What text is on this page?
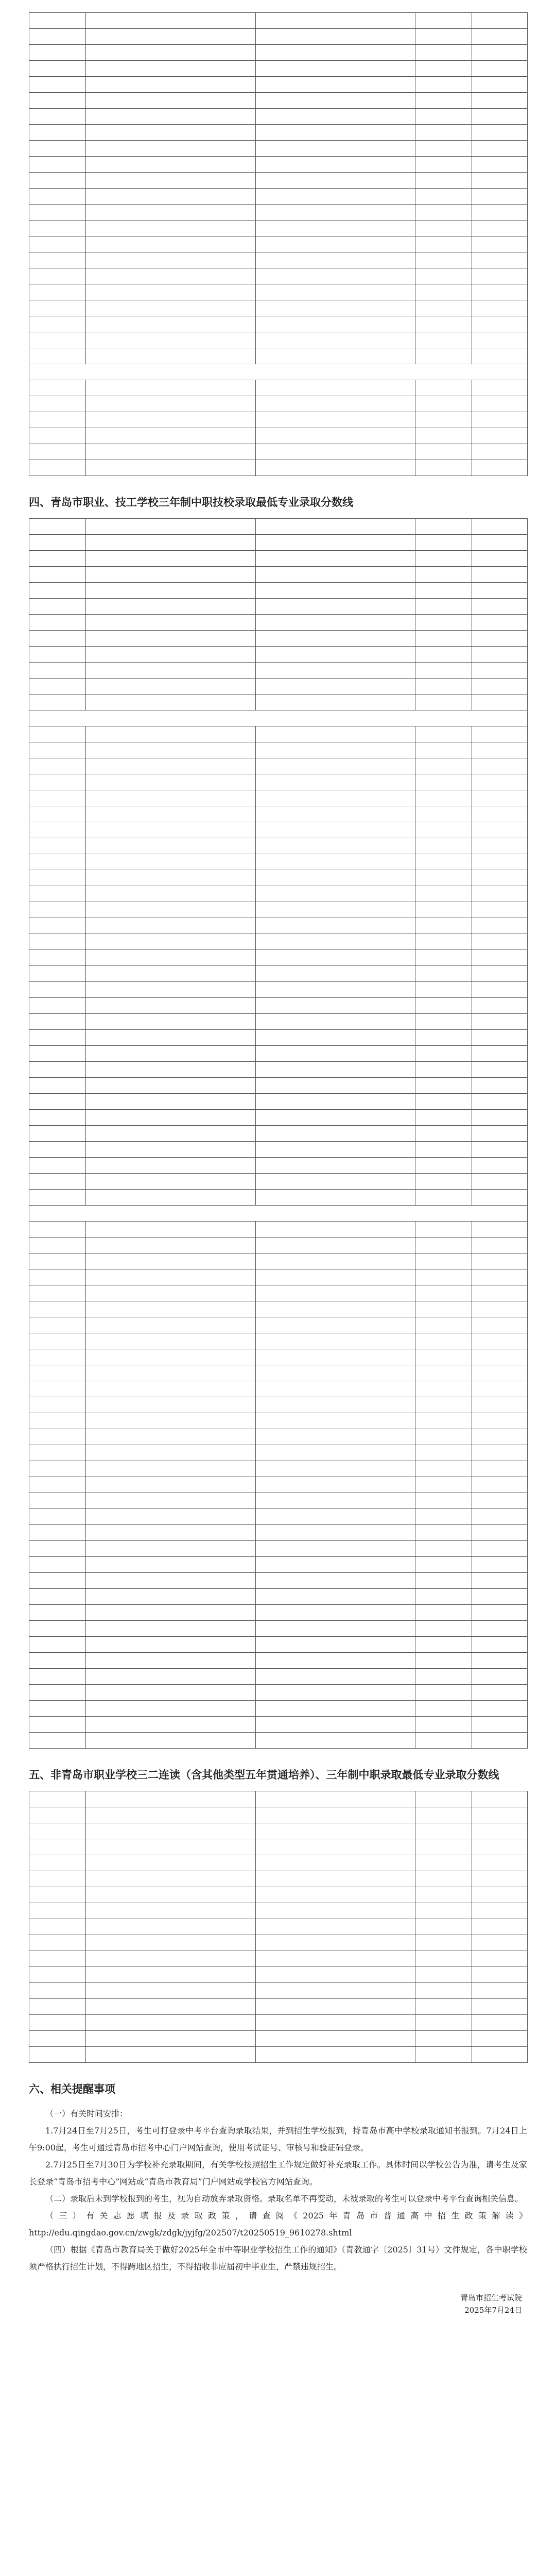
四、青岛市职业、技工学校三年制中职技校录取最低专业录取分数线

五、非青岛市职业学校三二连读（含其他类型五年贯通培养）、三年制中职录取最低专业录取分数线

六、相关提醒事项

（一）有关时间安排：

1.7月24日至7月25日，考生可打登录中考平台查询录取结果，并到招生学校报到，持青岛市高中学校录取通知书报到。7月24日上午9:00起，考生可通过青岛市招考中心门户网站查询，使用考试证号、审核号和验证码登录。

2.7月25日至7月30日为学校补充录取期间，有关学校按照招生工作规定做好补充录取工作。具体时间以学校公告为准，请考生及家长登录“青岛市招考中心”网站或“青岛市教育局”门户网站或学校官方网站查询。

（二）录取后未到学校报到的考生，视为自动放弃录取资格。录取名单不再变动，未被录取的考生可以登录中考平台查询相关信息。

（三）有关志愿填报及录取政策，请查阅《2025年青岛市普通高中招生政策解读》http://edu.qingdao.gov.cn/zwgk/zdgk/jyjfg/202507/t20250519_9610278.shtml

（四）根据《青岛市教育局关于做好2025年全市中等职业学校招生工作的通知》（青教通字〔2025〕31号）文件规定，各中职学校须严格执行招生计划，不得跨地区招生，不得招收非应届初中毕业生，严禁违规招生。

青岛市招生考试院
2025年7月24日
